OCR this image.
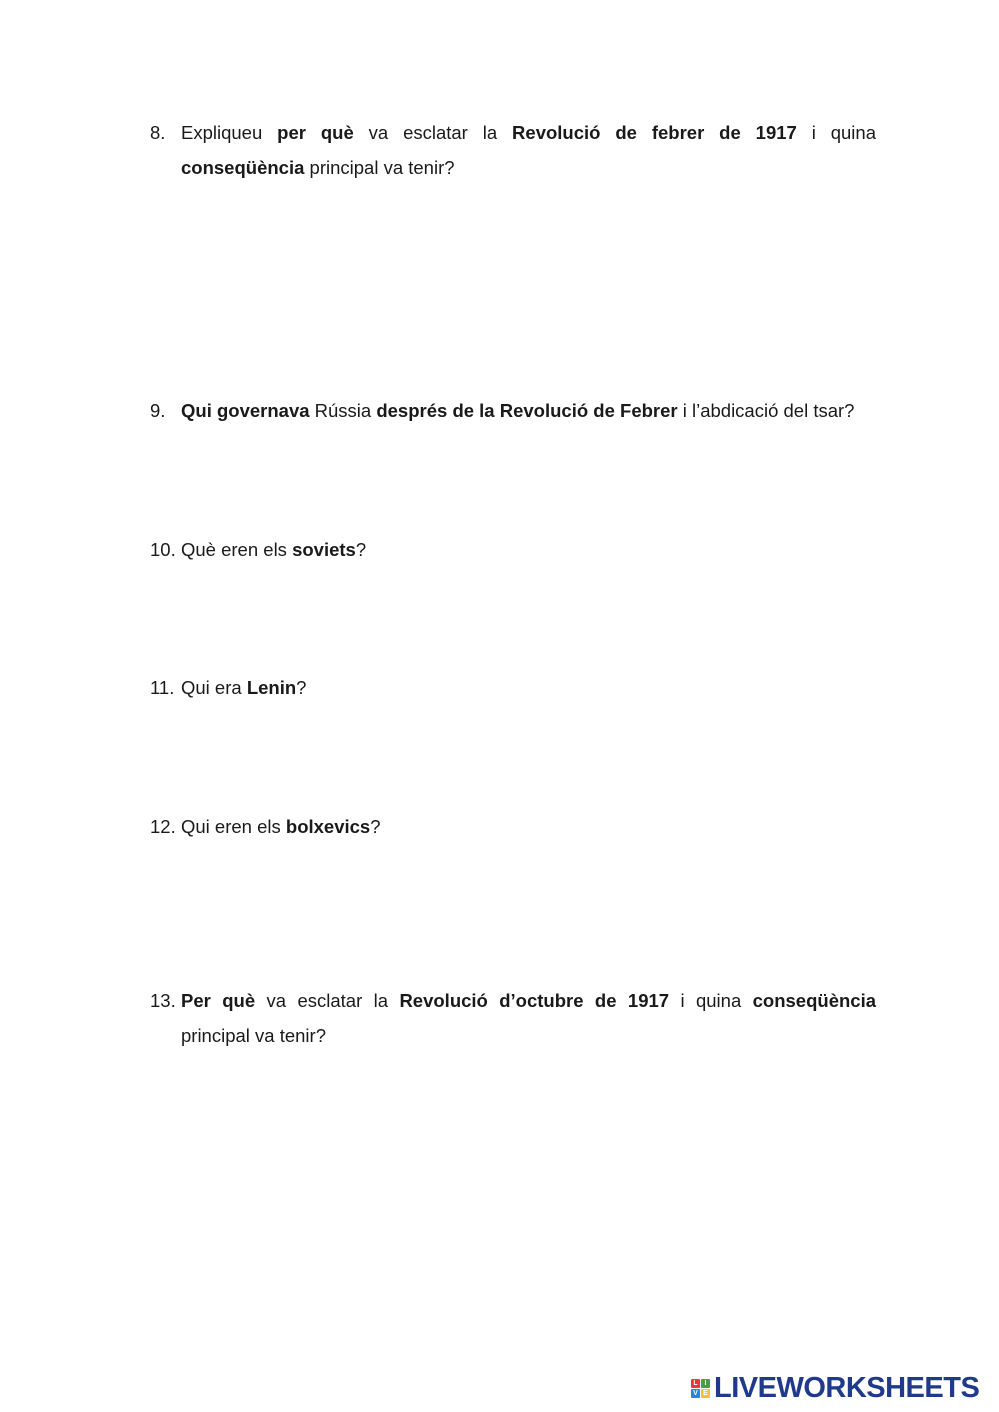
8. Expliqueu per què va esclatar la Revolució de febrer de 1917 i quina conseqüència principal va tenir?
9. Qui governava Rússia després de la Revolució de Febrer i l’abdicació del tsar?
10. Què eren els soviets?
11. Qui era Lenin?
12. Qui eren els bolxevics?
13. Per què va esclatar la Revolució d’octubre de 1917 i quina conseqüència principal va tenir?
L I
V E LIVEWORKSHEETS
